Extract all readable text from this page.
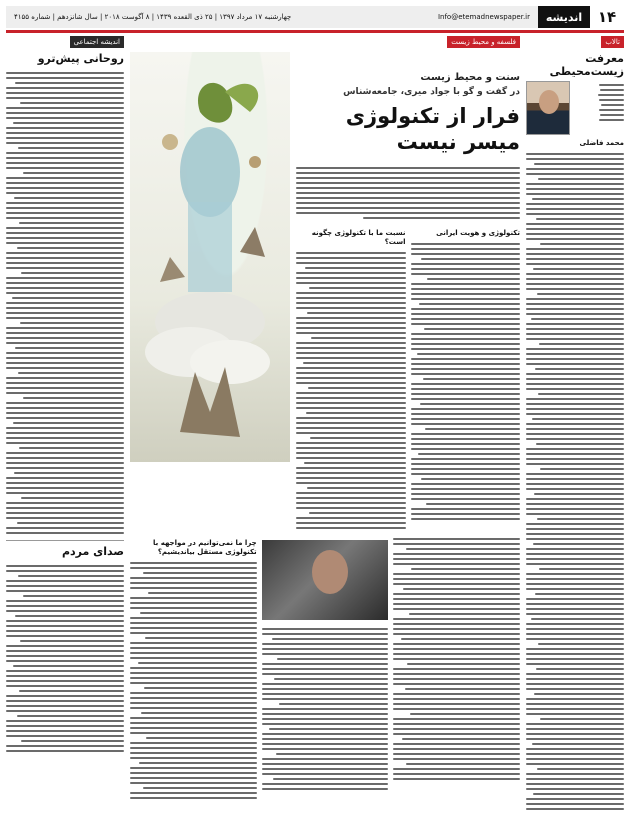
۱۴
اندیشه
چهارشنبه ۱۷ مرداد ۱۳۹۷ | ۲۵ ذی القعده ۱۴۳۹ | ۸ آگوست ۲۰۱۸ | سال شانزدهم | شماره ۴۱۵۵	Info@etemadnewspaper.ir
تالاب
معرفت زیست‌محیطی
محمد فاضلی
فلسفه و محیط زیست
سنت و محیط زیست
در گفت و گو با جواد میری، جامعه‌شناس
فرار از تکنولوژی میسر نیست
تکنولوژی و هویت ایرانی
نسبت ما با تکنولوژی چگونه است؟
چرا ما نمی‌توانیم در مواجهه با تکنولوژی مستقل بیاندیشیم؟
اندیشه اجتماعی
روحانی پیش‌ترو
صدای مردم
